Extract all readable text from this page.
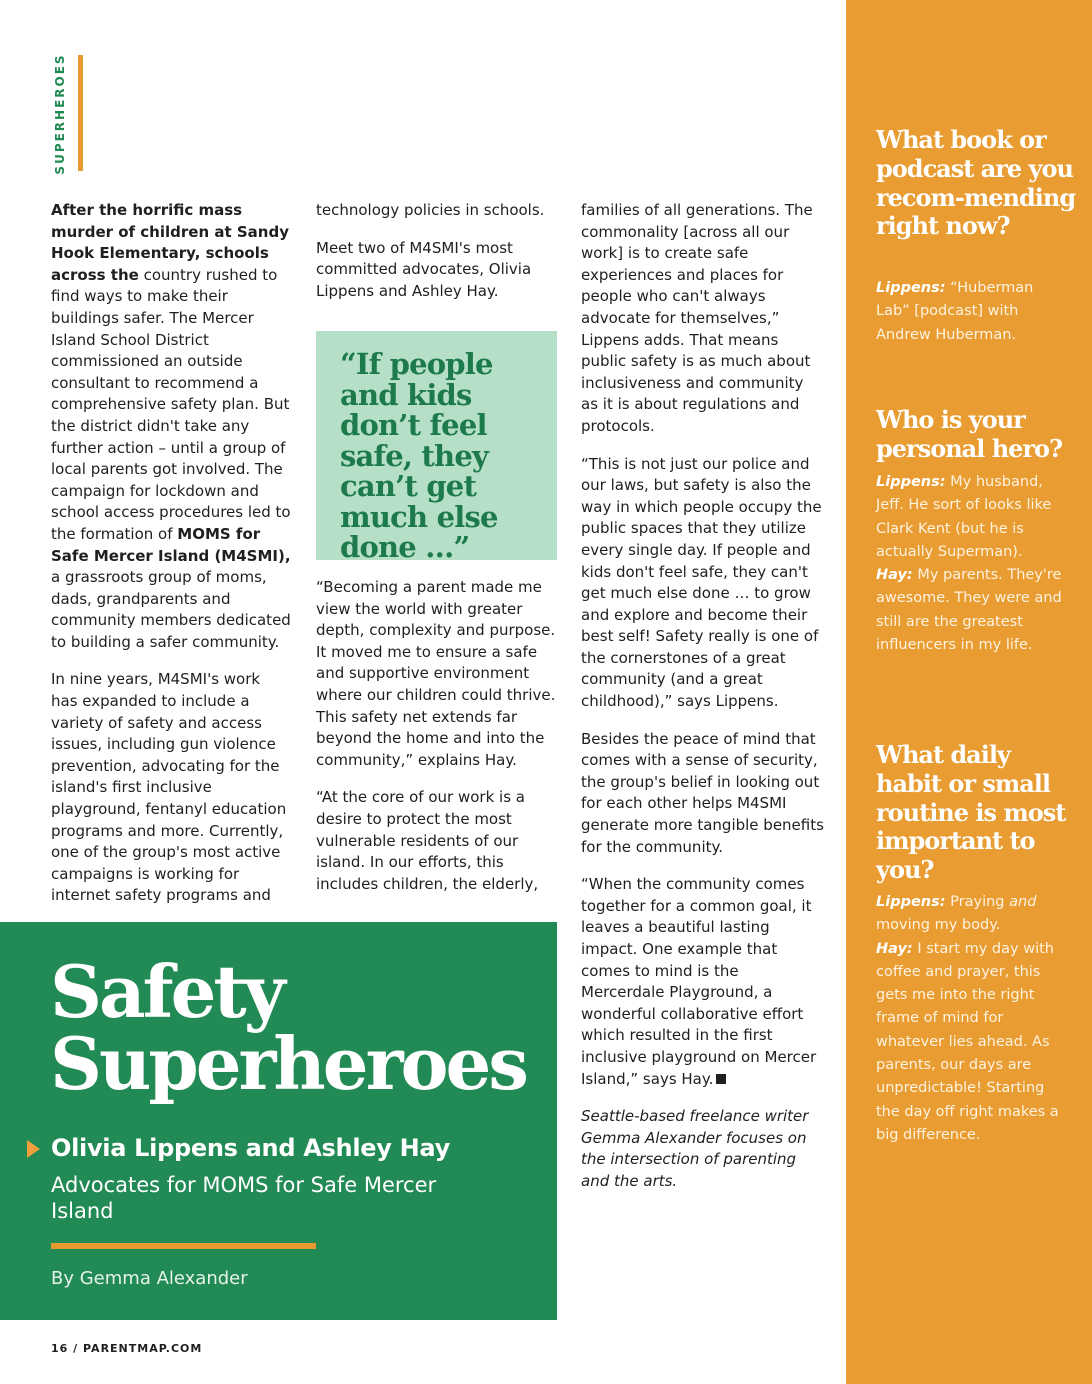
SUPERHEROES

After the horrific mass murder of children at Sandy Hook Elementary, schools across the country rushed to find ways to make their buildings safer. The Mercer Island School District commissioned an outside consultant to recommend a comprehensive safety plan. But the district didn't take any further action – until a group of local parents got involved. The campaign for lockdown and school access procedures led to the formation of MOMS for Safe Mercer Island (M4SMI), a grassroots group of moms, dads, grandparents and community members dedicated to building a safer community.

In nine years, M4SMI's work has expanded to include a variety of safety and access issues, including gun violence prevention, advocating for the island's first inclusive playground, fentanyl education programs and more. Currently, one of the group's most active campaigns is working for internet safety programs and

technology policies in schools.

Meet two of M4SMI's most committed advocates, Olivia Lippens and Ashley Hay.

“If people and kids don’t feel safe, they can’t get much else done …”

“Becoming a parent made me view the world with greater depth, complexity and purpose. It moved me to ensure a safe and supportive environment where our children could thrive. This safety net extends far beyond the home and into the community,” explains Hay.

“At the core of our work is a desire to protect the most vulnerable residents of our island. In our efforts, this includes children, the elderly,

families of all generations. The commonality [across all our work] is to create safe experiences and places for people who can't always advocate for themselves,” Lippens adds. That means public safety is as much about inclusiveness and community as it is about regulations and protocols.

“This is not just our police and our laws, but safety is also the way in which people occupy the public spaces that they utilize every single day. If people and kids don't feel safe, they can't get much else done … to grow and explore and become their best self! Safety really is one of the cornerstones of a great community (and a great childhood),” says Lippens.

Besides the peace of mind that comes with a sense of security, the group's belief in looking out for each other helps M4SMI generate more tangible benefits for the community.

“When the community comes together for a common goal, it leaves a beautiful lasting impact. One example that comes to mind is the Mercerdale Playground, a wonderful collaborative effort which resulted in the first inclusive playground on Mercer Island,” says Hay.

Seattle-based freelance writer Gemma Alexander focuses on the intersection of parenting and the arts.

Safety
Superheroes
Olivia Lippens and Ashley Hay
Advocates for MOMS for Safe Mercer Island
By Gemma Alexander
16 / PARENTMAP.COM
What book or podcast are you recom-mending right now?
Lippens: “Huberman Lab” [podcast] with Andrew Huberman.
Who is your personal hero?
Lippens: My husband, Jeff. He sort of looks like Clark Kent (but he is actually Superman).
Hay: My parents. They're awesome. They were and still are the greatest influencers in my life.
What daily habit or small routine is most important to you?
Lippens: Praying and moving my body.
Hay: I start my day with coffee and prayer, this gets me into the right frame of mind for whatever lies ahead. As parents, our days are unpredictable! Starting the day off right makes a big difference.
